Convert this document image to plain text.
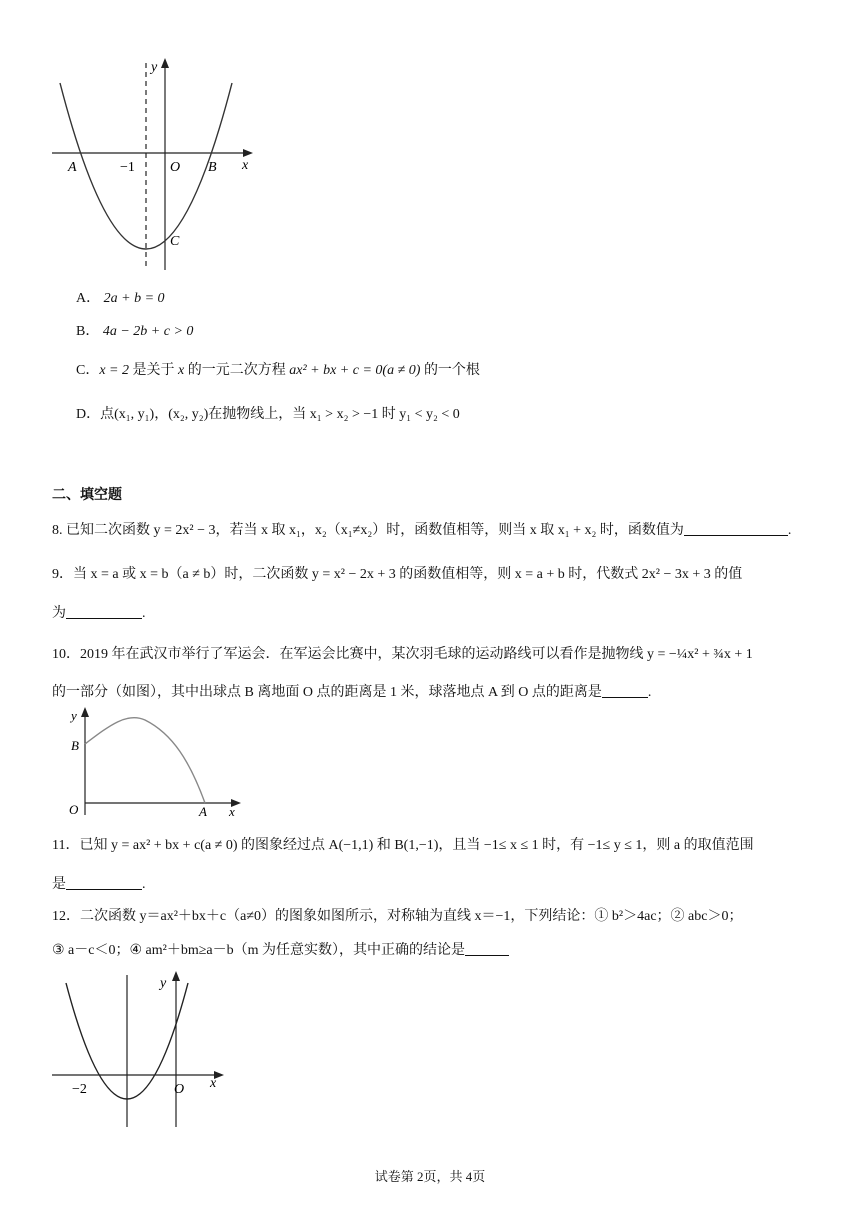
y
x
A	−1	O B
C
A． 2a + b = 0
B． 4a − 2b + c > 0
C．x = 2 是关于 x 的一元二次方程 ax² + bx + c = 0(a ≠ 0) 的一个根
D．点(x₁, y₁)，(x₂, y₂)在抛物线上，当 x₁ > x₂ > −1 时 y₁ < y₂ < 0
二、填空题
8. 已知二次函数 y = 2x² − 3，若当 x 取 x₁，x₂（x₁≠x₂）时，函数值相等，则当 x 取 x₁ + x₂ 时，函数值为	.
9．当 x = a 或 x = b（a ≠ b）时，二次函数 y = x² − 2x + 3 的函数值相等，则 x = a + b 时，代数式 2x² − 3x + 3 的值
为	.
10．2019 年在武汉市举行了军运会．在军运会比赛中，某次羽毛球的运动路线可以看作是抛物线 y = −¼x² + ¾x + 1
的一部分（如图），其中出球点 B 离地面 O 点的距离是 1 米，球落地点 A 到 O 点的距离是	.
y
B
O	A x
11．已知 y = ax² + bx + c(a ≠ 0) 的图象经过点 A(−1,1) 和 B(1,−1)，且当 −1≤ x ≤ 1 时，有 −1≤ y ≤ 1，则 a 的取值范围
是	.
12．二次函数 y＝ax²＋bx＋c（a≠0）的图象如图所示，对称轴为直线 x＝−1，下列结论：① b²＞4ac；② abc＞0；
③ a－c＜0；④ am²＋bm≥a－b（m 为任意实数），其中正确的结论是
y
−2	O x
试卷第 2页，共 4页
